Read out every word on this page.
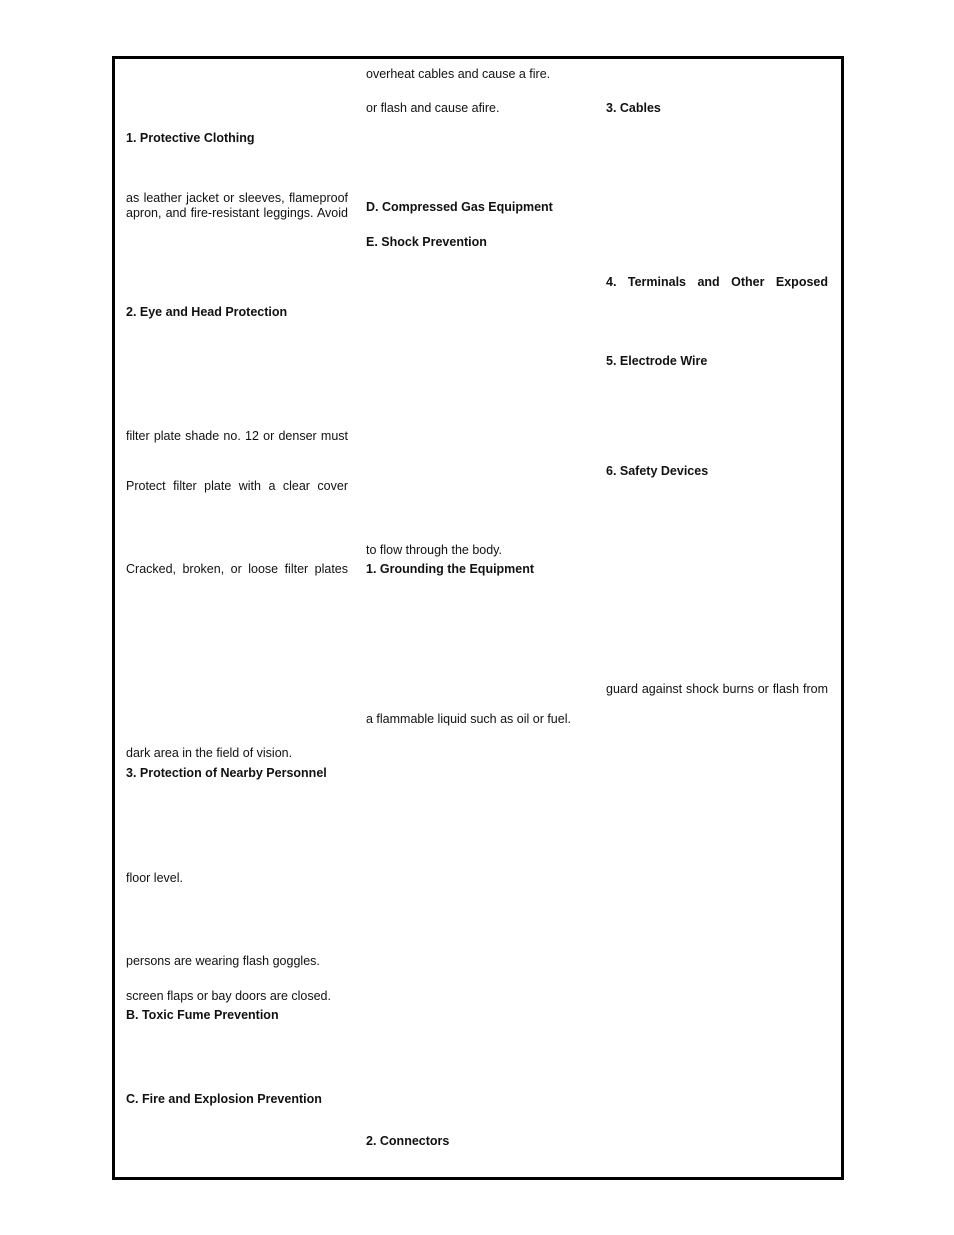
1. Protective Clothing
as leather jacket or sleeves, flameproof
apron, and fire-resistant leggings. Avoid
2. Eye and Head Protection
filter plate shade no. 12 or denser must
Protect filter plate with a clear cover
Cracked, broken, or loose filter plates
dark area in the field of vision.
3. Protection of Nearby Personnel
floor level.
persons are wearing flash goggles.
screen flaps or bay doors are closed.
B. Toxic Fume Prevention
C. Fire and Explosion Prevention
overheat cables and cause a fire.
or flash and cause afire.
D. Compressed Gas Equipment
E. Shock Prevention
to flow through the body.
1. Grounding the Equipment
a flammable liquid such as oil or fuel.
2. Connectors
3. Cables
4. Terminals and Other Exposed
5. Electrode Wire
6. Safety Devices
guard against shock burns or flash from
